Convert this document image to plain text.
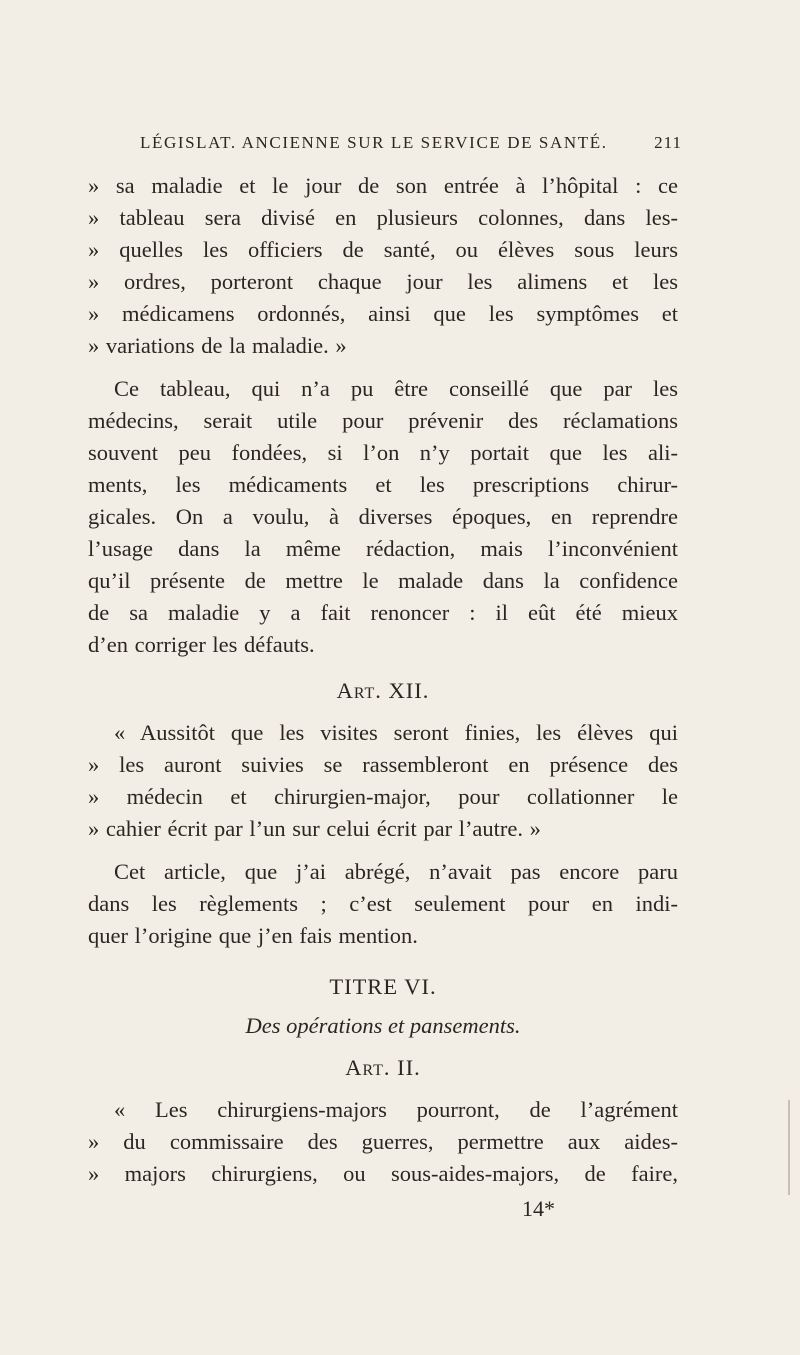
LÉGISLAT. ANCIENNE SUR LE SERVICE DE SANTÉ.	211
» sa maladie et le jour de son entrée à l’hôpital : ce
» tableau sera divisé en plusieurs colonnes, dans les-
» quelles les officiers de santé, ou élèves sous leurs
» ordres, porteront chaque jour les alimens et les
» médicamens ordonnés, ainsi que les symptômes et
» variations de la maladie. »
Ce tableau, qui n’a pu être conseillé que par les
médecins, serait utile pour prévenir des réclamations
souvent peu fondées, si l’on n’y portait que les ali-
ments, les médicaments et les prescriptions chirur-
gicales. On a voulu, à diverses époques, en reprendre
l’usage dans la même rédaction, mais l’inconvénient
qu’il présente de mettre le malade dans la confidence
de sa maladie y a fait renoncer : il eût été mieux
d’en corriger les défauts.
Art. XII.
« Aussitôt que les visites seront finies, les élèves qui
» les auront suivies se rassembleront en présence des
» médecin et chirurgien-major, pour collationner le
» cahier écrit par l’un sur celui écrit par l’autre. »
Cet article, que j’ai abrégé, n’avait pas encore paru
dans les règlements ; c’est seulement pour en indi-
quer l’origine que j’en fais mention.
TITRE VI.
Des opérations et pansements.
Art. II.
« Les chirurgiens-majors pourront, de l’agrément
» du commissaire des guerres, permettre aux aides-
» majors chirurgiens, ou sous-aides-majors, de faire,
14*
